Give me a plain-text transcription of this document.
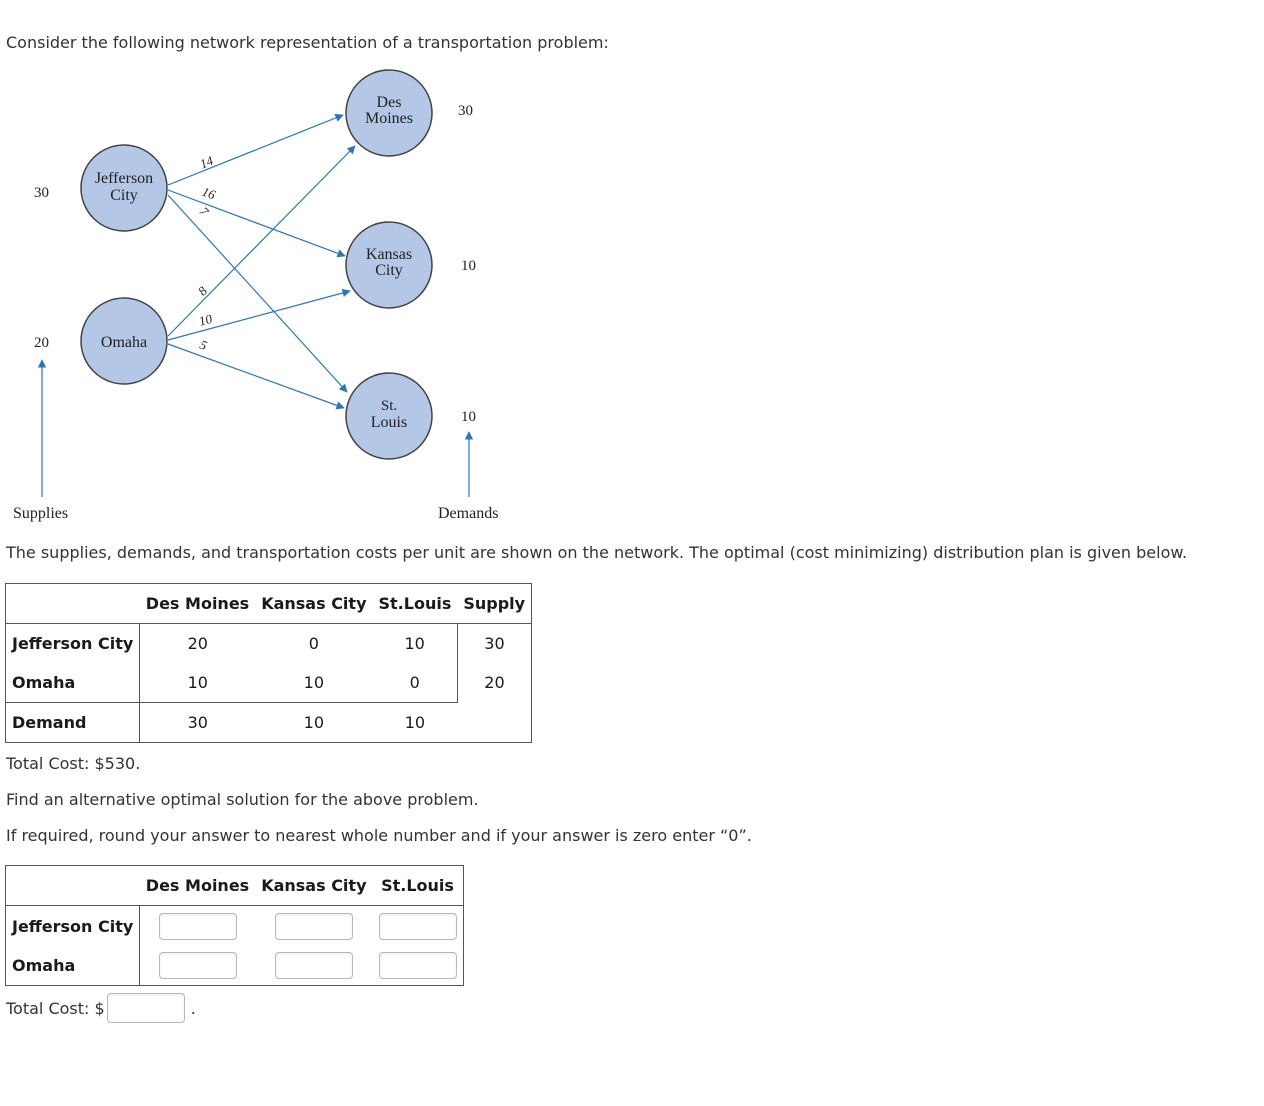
Consider the following network representation of a transportation problem:
14
16
7
8
10
5
Jefferson
City
Omaha
Des
Moines
Kansas
City
St.
Louis
30
20
30
10
10
Supplies	Demands
The supplies, demands, and transportation costs per unit are shown on the network. The optimal (cost minimizing) distribution plan is given below.
	Des Moines	Kansas City	St.Louis	Supply
Jefferson City	20	0	10	30
Omaha	10	10	0	20
Demand	30	10	10	
Total Cost: $530.
Find an alternative optimal solution for the above problem.
If required, round your answer to nearest whole number and if your answer is zero enter “0”.
	Des Moines	Kansas City	St.Louis
Jefferson City			
Omaha			
Total Cost: $	.
